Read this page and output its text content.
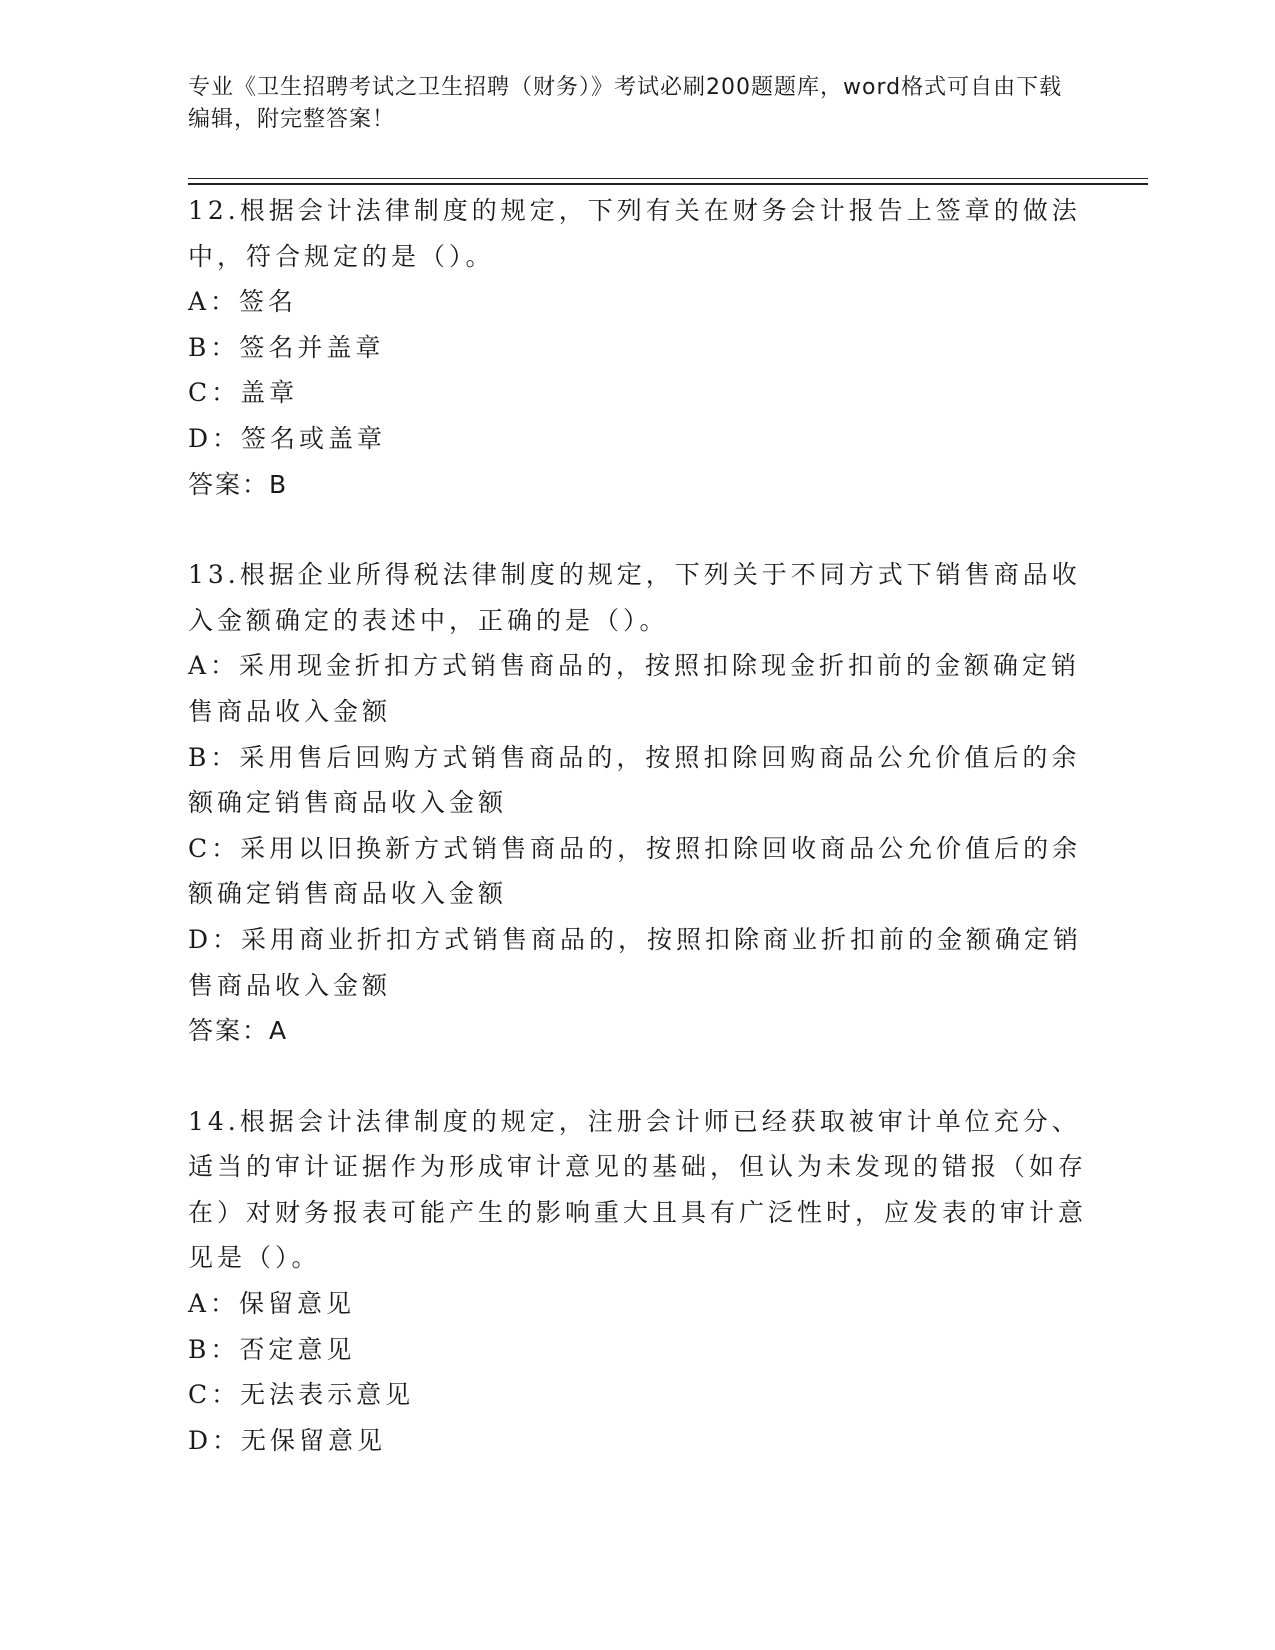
专业《卫生招聘考试之卫生招聘（财务）》考试必刷200题题库，word格式可自由下载编辑，附完整答案！

12.根据会计法律制度的规定，下列有关在财务会计报告上签章的做法中，符合规定的是（）。

A：签名

B：签名并盖章

C：盖章

D：签名或盖章

答案：B

13.根据企业所得税法律制度的规定，下列关于不同方式下销售商品收入金额确定的表述中，正确的是（）。

A：采用现金折扣方式销售商品的，按照扣除现金折扣前的金额确定销售商品收入金额

B：采用售后回购方式销售商品的，按照扣除回购商品公允价值后的余额确定销售商品收入金额

C：采用以旧换新方式销售商品的，按照扣除回收商品公允价值后的余额确定销售商品收入金额

D：采用商业折扣方式销售商品的，按照扣除商业折扣前的金额确定销售商品收入金额

答案：A

14.根据会计法律制度的规定，注册会计师已经获取被审计单位充分、适当的审计证据作为形成审计意见的基础，但认为未发现的错报（如存在）对财务报表可能产生的影响重大且具有广泛性时，应发表的审计意见是（）。

A：保留意见

B：否定意见

C：无法表示意见

D：无保留意见
